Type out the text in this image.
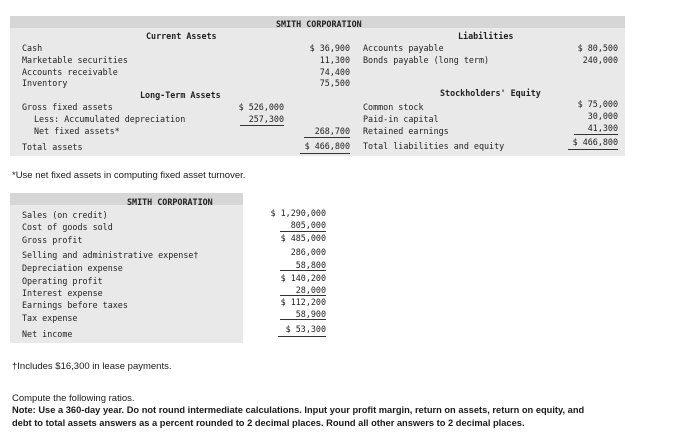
SMITH CORPORATION
Current Assets	Liabilities
Cash	$ 36,900
Marketable securities	11,300
Accounts receivable	74,400
Inventory	75,500
Accounts payable	$ 80,500
Bonds payable (long term)	240,000
Long-Term Assets
Gross fixed assets	$ 526,000
Less: Accumulated depreciation	257,300
Net fixed assets*	268,700
Total assets	$ 466,800
Stockholders' Equity
Common stock	$ 75,000
Paid-in capital	30,000
Retained earnings	41,300
Total liabilities and equity	$ 466,800
*Use net fixed assets in computing fixed asset turnover.
SMITH CORPORATION
Sales (on credit)	$ 1,290,000
Cost of goods sold	805,000
Gross profit	$ 485,000
Selling and administrative expense†	286,000
Depreciation expense	58,800
Operating profit	$ 140,200
Interest expense	28,000
Earnings before taxes	$ 112,200
Tax expense	58,900
Net income	$ 53,300
†Includes $16,300 in lease payments.
Compute the following ratios.
Note: Use a 360-day year. Do not round intermediate calculations. Input your profit margin, return on assets, return on equity, and
debt to total assets answers as a percent rounded to 2 decimal places. Round all other answers to 2 decimal places.
